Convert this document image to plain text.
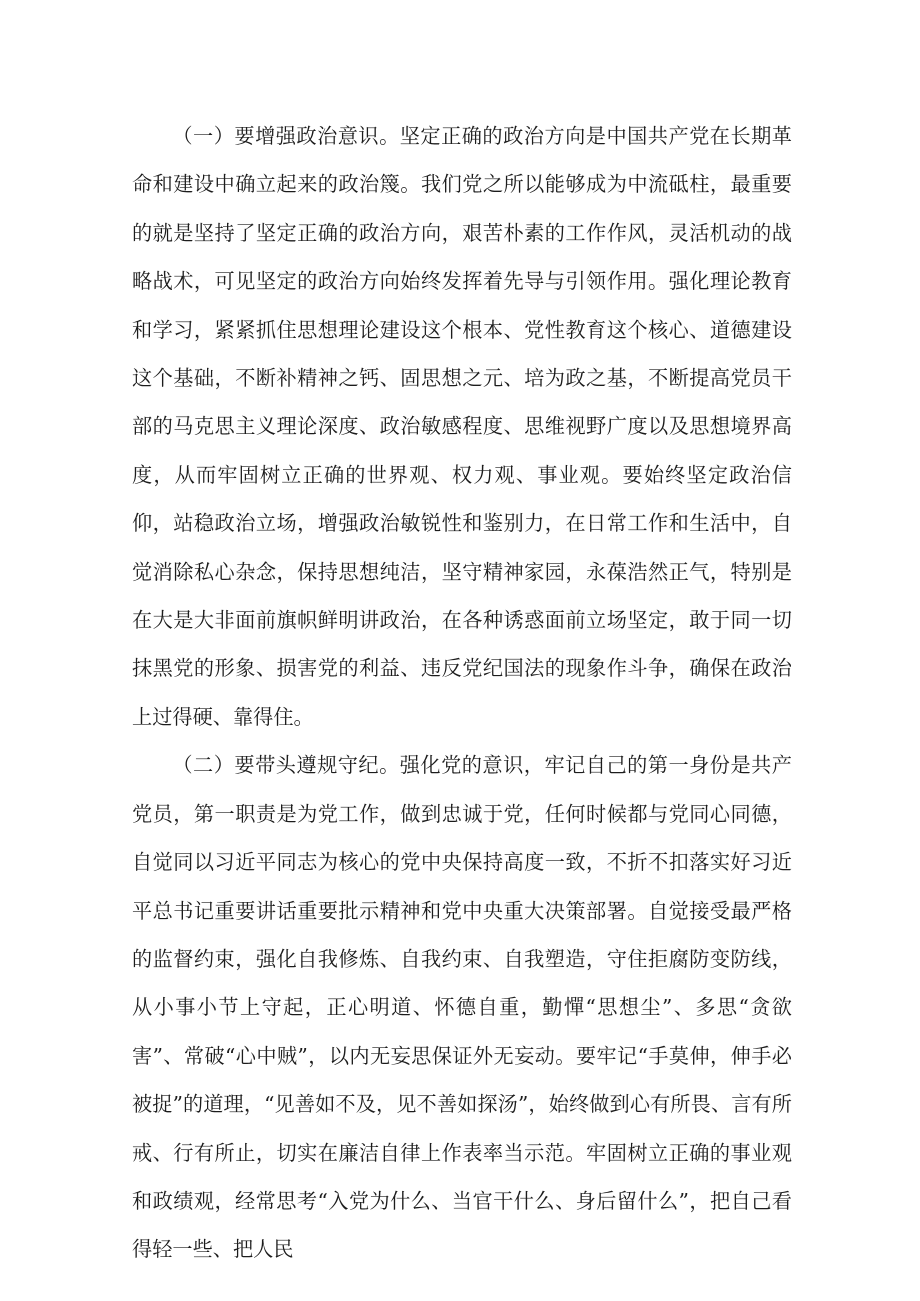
（一）要增强政治意识。坚定正确的政治方向是中国共产党在长期革命和建设中确立起来的政治篾。我们党之所以能够成为中流砥柱，最重要的就是坚持了坚定正确的政治方向，艰苦朴素的工作作风，灵活机动的战略战术，可见坚定的政治方向始终发挥着先导与引领作用。强化理论教育和学习，紧紧抓住思想理论建设这个根本、党性教育这个核心、道德建设这个基础，不断补精神之钙、固思想之元、培为政之基，不断提高党员干部的马克思主义理论深度、政治敏感程度、思维视野广度以及思想境界高度，从而牢固树立正确的世界观、权力观、事业观。要始终坚定政治信仰，站稳政治立场，增强政治敏锐性和鉴别力，在日常工作和生活中，自觉消除私心杂念，保持思想纯洁，坚守精神家园，永葆浩然正气，特别是在大是大非面前旗帜鲜明讲政治，在各种诱惑面前立场坚定，敢于同一切抹黑党的形象、损害党的利益、违反党纪国法的现象作斗争，确保在政治上过得硬、靠得住。

（二）要带头遵规守纪。强化党的意识，牢记自己的第一身份是共产党员，第一职责是为党工作，做到忠诚于党，任何时候都与党同心同德，自觉同以习近平同志为核心的党中央保持高度一致，不折不扣落实好习近平总书记重要讲话重要批示精神和党中央重大决策部署。自觉接受最严格的监督约束，强化自我修炼、自我约束、自我塑造，守住拒腐防变防线，从小事小节上守起，正心明道、怀德自重，勤憚“思想尘”、多思“贪欲害”、常破“心中贼”，以内无妄思保证外无妄动。要牢记“手莫伸，伸手必被捉”的道理，“见善如不及，见不善如探汤”，始终做到心有所畏、言有所戒、行有所止，切实在廉洁自律上作表率当示范。牢固树立正确的事业观和政绩观，经常思考“入党为什么、当官干什么、身后留什么”，把自己看得轻一些、把人民
